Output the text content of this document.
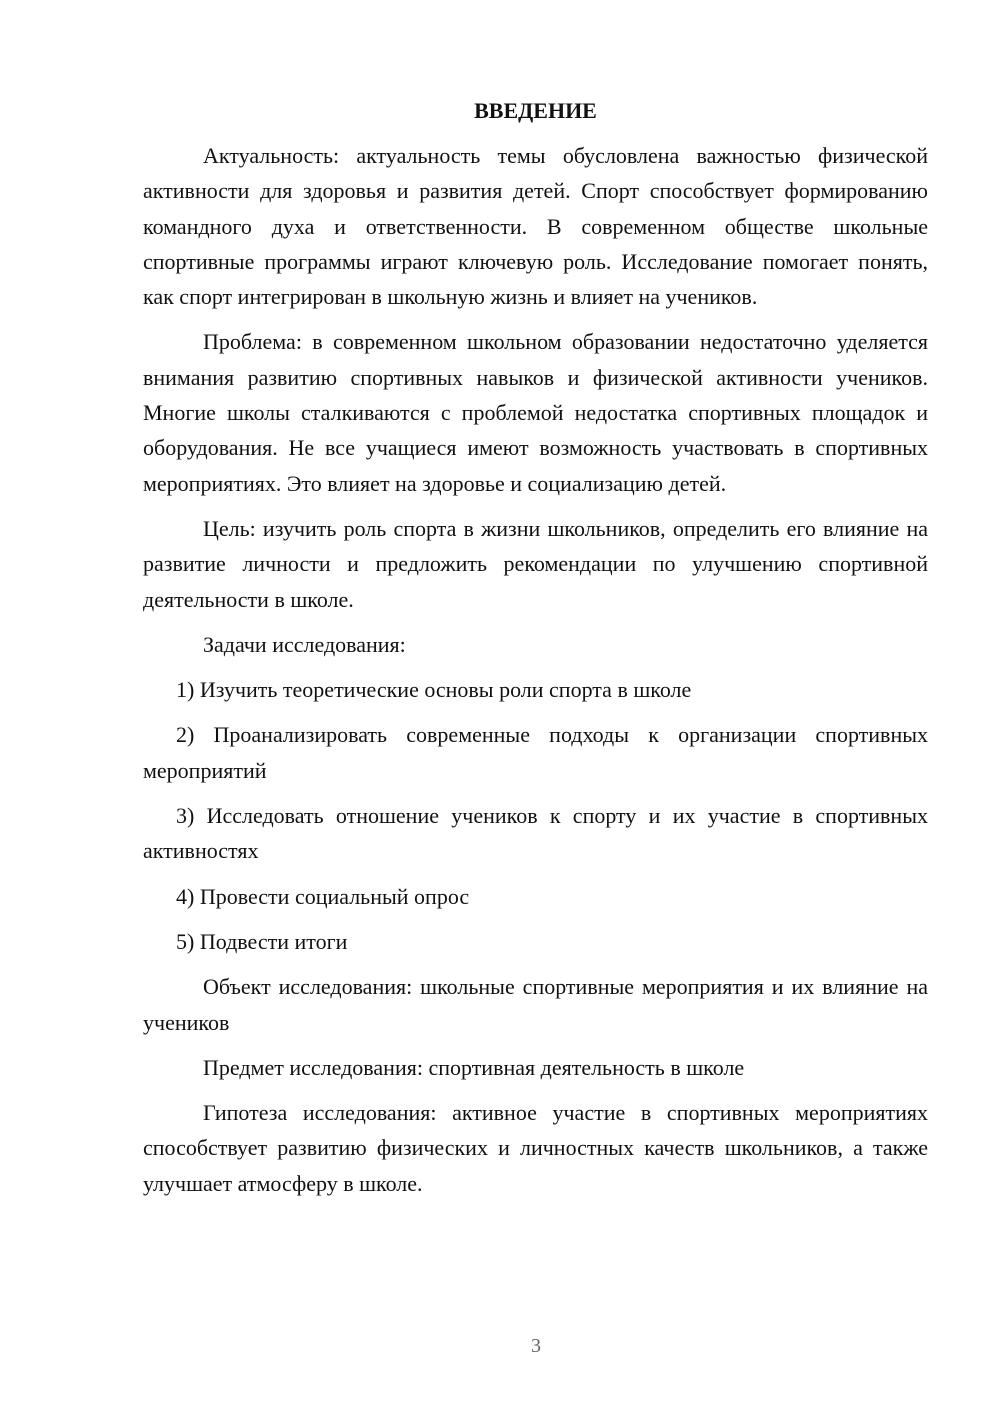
ВВЕДЕНИЕ

Актуальность: актуальность темы обусловлена важностью физической активности для здоровья и развития детей. Спорт способствует формированию командного духа и ответственности. В современном обществе школьные спортивные программы играют ключевую роль. Исследование помогает понять, как спорт интегрирован в школьную жизнь и влияет на учеников.

Проблема: в современном школьном образовании недостаточно уделяется внимания развитию спортивных навыков и физической активности учеников. Многие школы сталкиваются с проблемой недостатка спортивных площадок и оборудования. Не все учащиеся имеют возможность участвовать в спортивных мероприятиях. Это влияет на здоровье и социализацию детей.

Цель: изучить роль спорта в жизни школьников, определить его влияние на развитие личности и предложить рекомендации по улучшению спортивной деятельности в школе.

Задачи исследования:

1) Изучить теоретические основы роли спорта в школе

2) Проанализировать современные подходы к организации спортивных мероприятий

3) Исследовать отношение учеников к спорту и их участие в спортивных активностях

4) Провести социальный опрос

5) Подвести итоги

Объект исследования: школьные спортивные мероприятия и их влияние на учеников

Предмет исследования: спортивная деятельность в школе

Гипотеза исследования: активное участие в спортивных мероприятиях способствует развитию физических и личностных качеств школьников, а также улучшает атмосферу в школе.

3
